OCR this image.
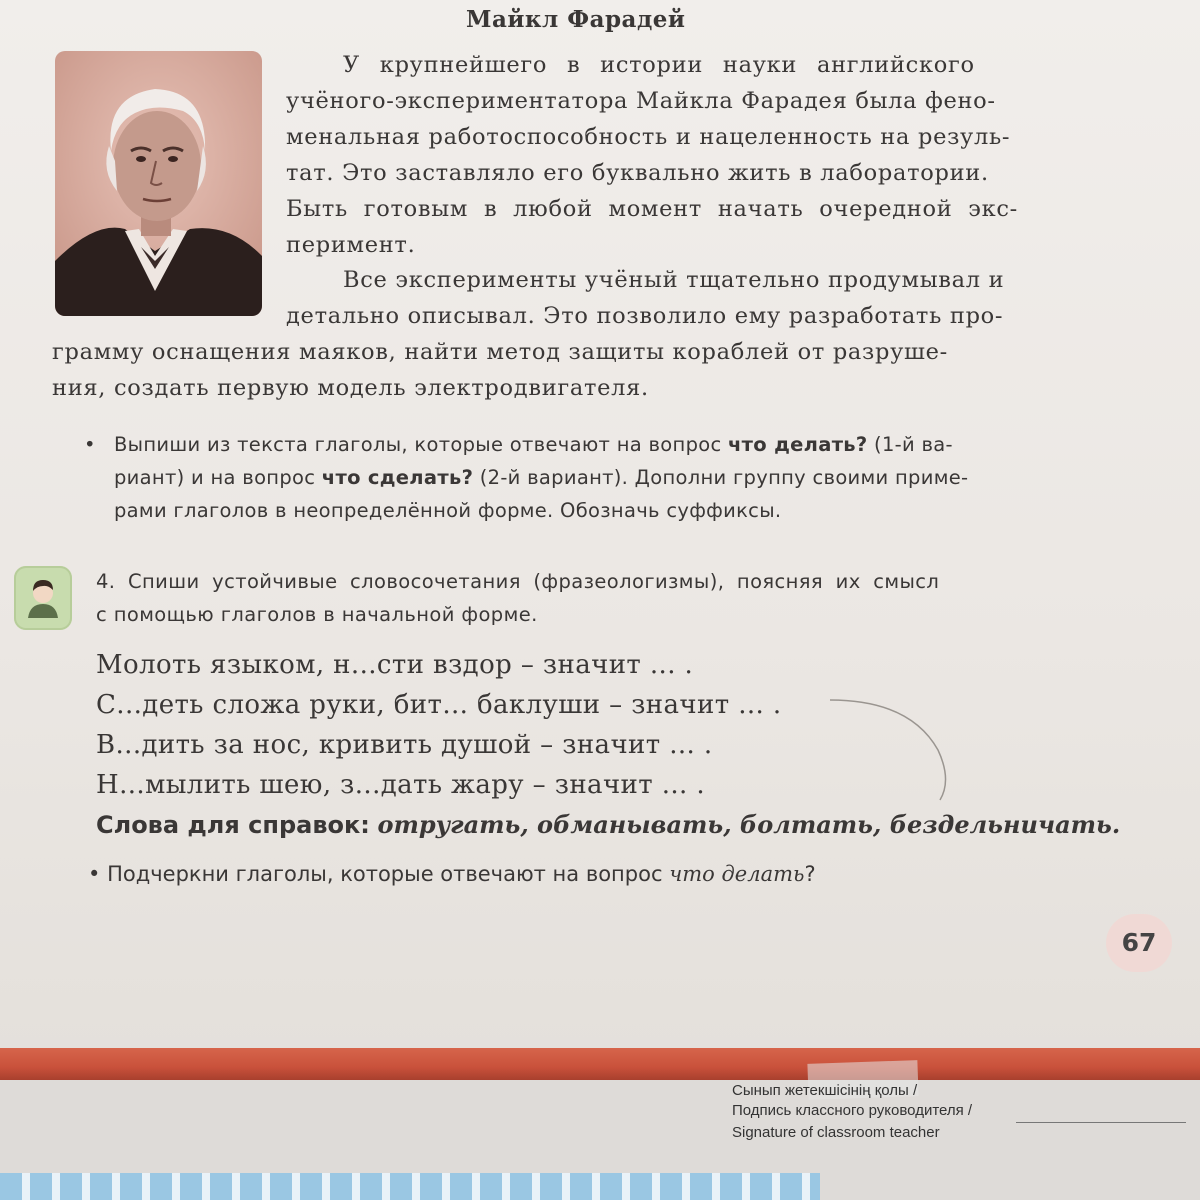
Майкл Фарадей
У крупнейшего в истории науки английского
учёного-экспериментатора Майкла Фарадея была фено-
менальная работоспособность и нацеленность на резуль-
тат. Это заставляло его буквально жить в лаборатории.
Быть готовым в любой момент начать очередной экс-
перимент.
Все эксперименты учёный тщательно продумывал и
детально описывал. Это позволило ему разработать про-
грамму оснащения маяков, найти метод защиты кораблей от разруше-
ния, создать первую модель электродвигателя.
• Выпиши из текста глаголы, которые отвечают на вопрос что делать? (1-й ва-
риант) и на вопрос что сделать? (2-й вариант). Дополни группу своими приме-
рами глаголов в неопределённой форме. Обозначь суффиксы.
4. Спиши устойчивые словосочетания (фразеологизмы), поясняя их смысл
с помощью глаголов в начальной форме.
Молоть языком, н...сти вздор – значит ... .
С...деть сложа руки, бит... баклуши – значит ... .
В...дить за нос, кривить душой – значит ... .
Н...мылить шею, з...дать жару – значит ... .
Слова для справок: отругать, обманывать, болтать, бездельничать.
• Подчеркни глаголы, которые отвечают на вопрос что делать?
67
Сынып жетекшісінің қолы /
Подпись классного руководителя /
Signature of classroom teacher
